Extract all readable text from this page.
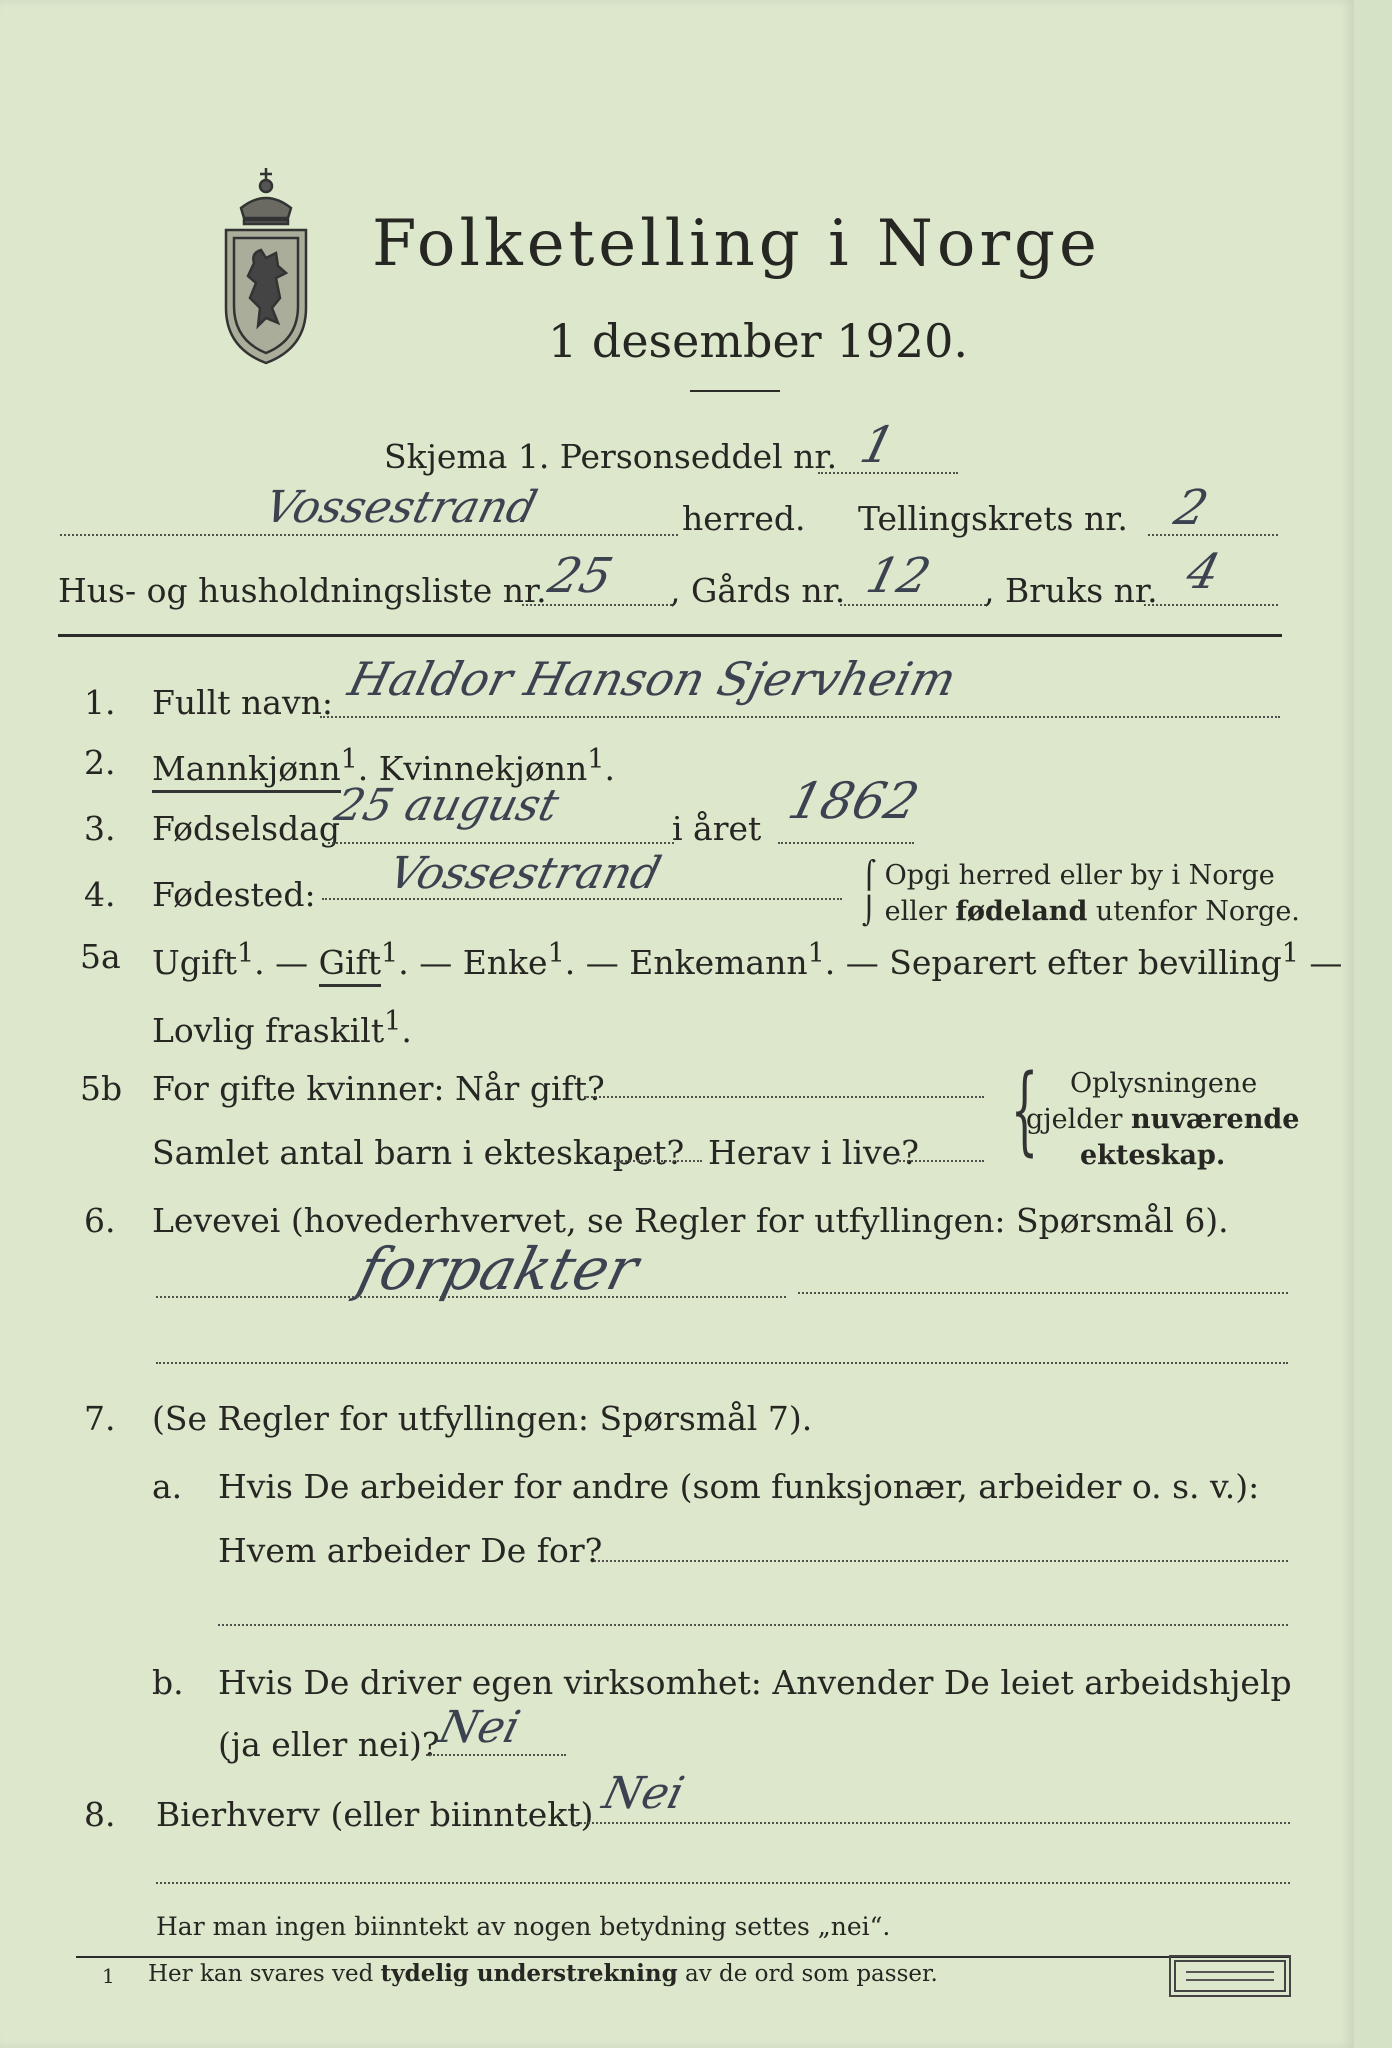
Folketelling i Norge
1 desember 1920.
Skjema 1. Personseddel nr. 1
Vossestrand	herred. Tellingskrets nr. 2
Hus- og husholdningsliste nr.
25 , Gårds nr. 12 , Bruks nr. 4
1. Fullt navn: Haldor Hanson Sjervheim
2. Mannkjønn$^1$. Kvinnekjønn$^1$.
3. Fødselsdag
25 august	i året 1862
4. Fødested: Vossestrand	⌠ Opgi herred eller by i Norge
⌡ eller fødeland utenfor Norge.
5a Ugift$^1$. — Gift$^1$. — Enke$^1$. — Enkemann$^1$. — Separert efter bevilling$^1$ —
Lovlig fraskilt$^1$.
5b For gifte kvinner: Når gift?
Samlet antal barn i ekteskapet? Herav i live? { Oplysningene
gjelder nuværende
ekteskap.
6. Levevei (hovederhvervet, se Regler for utfyllingen: Spørsmål 6).
forpakter
7. (Se Regler for utfyllingen: Spørsmål 7).
a. Hvis De arbeider for andre (som funksjonær, arbeider o. s. v.):
Hvem arbeider De for?
b. Hvis De driver egen virksomhet: Anvender De leiet arbeidshjelp
(ja eller nei)?
Nei
8. Bierhverv (eller biinntekt) Nei
Har man ingen biinntekt av nogen betydning settes „nei“.
1 Her kan svares ved tydelig understrekning av de ord som passer.
